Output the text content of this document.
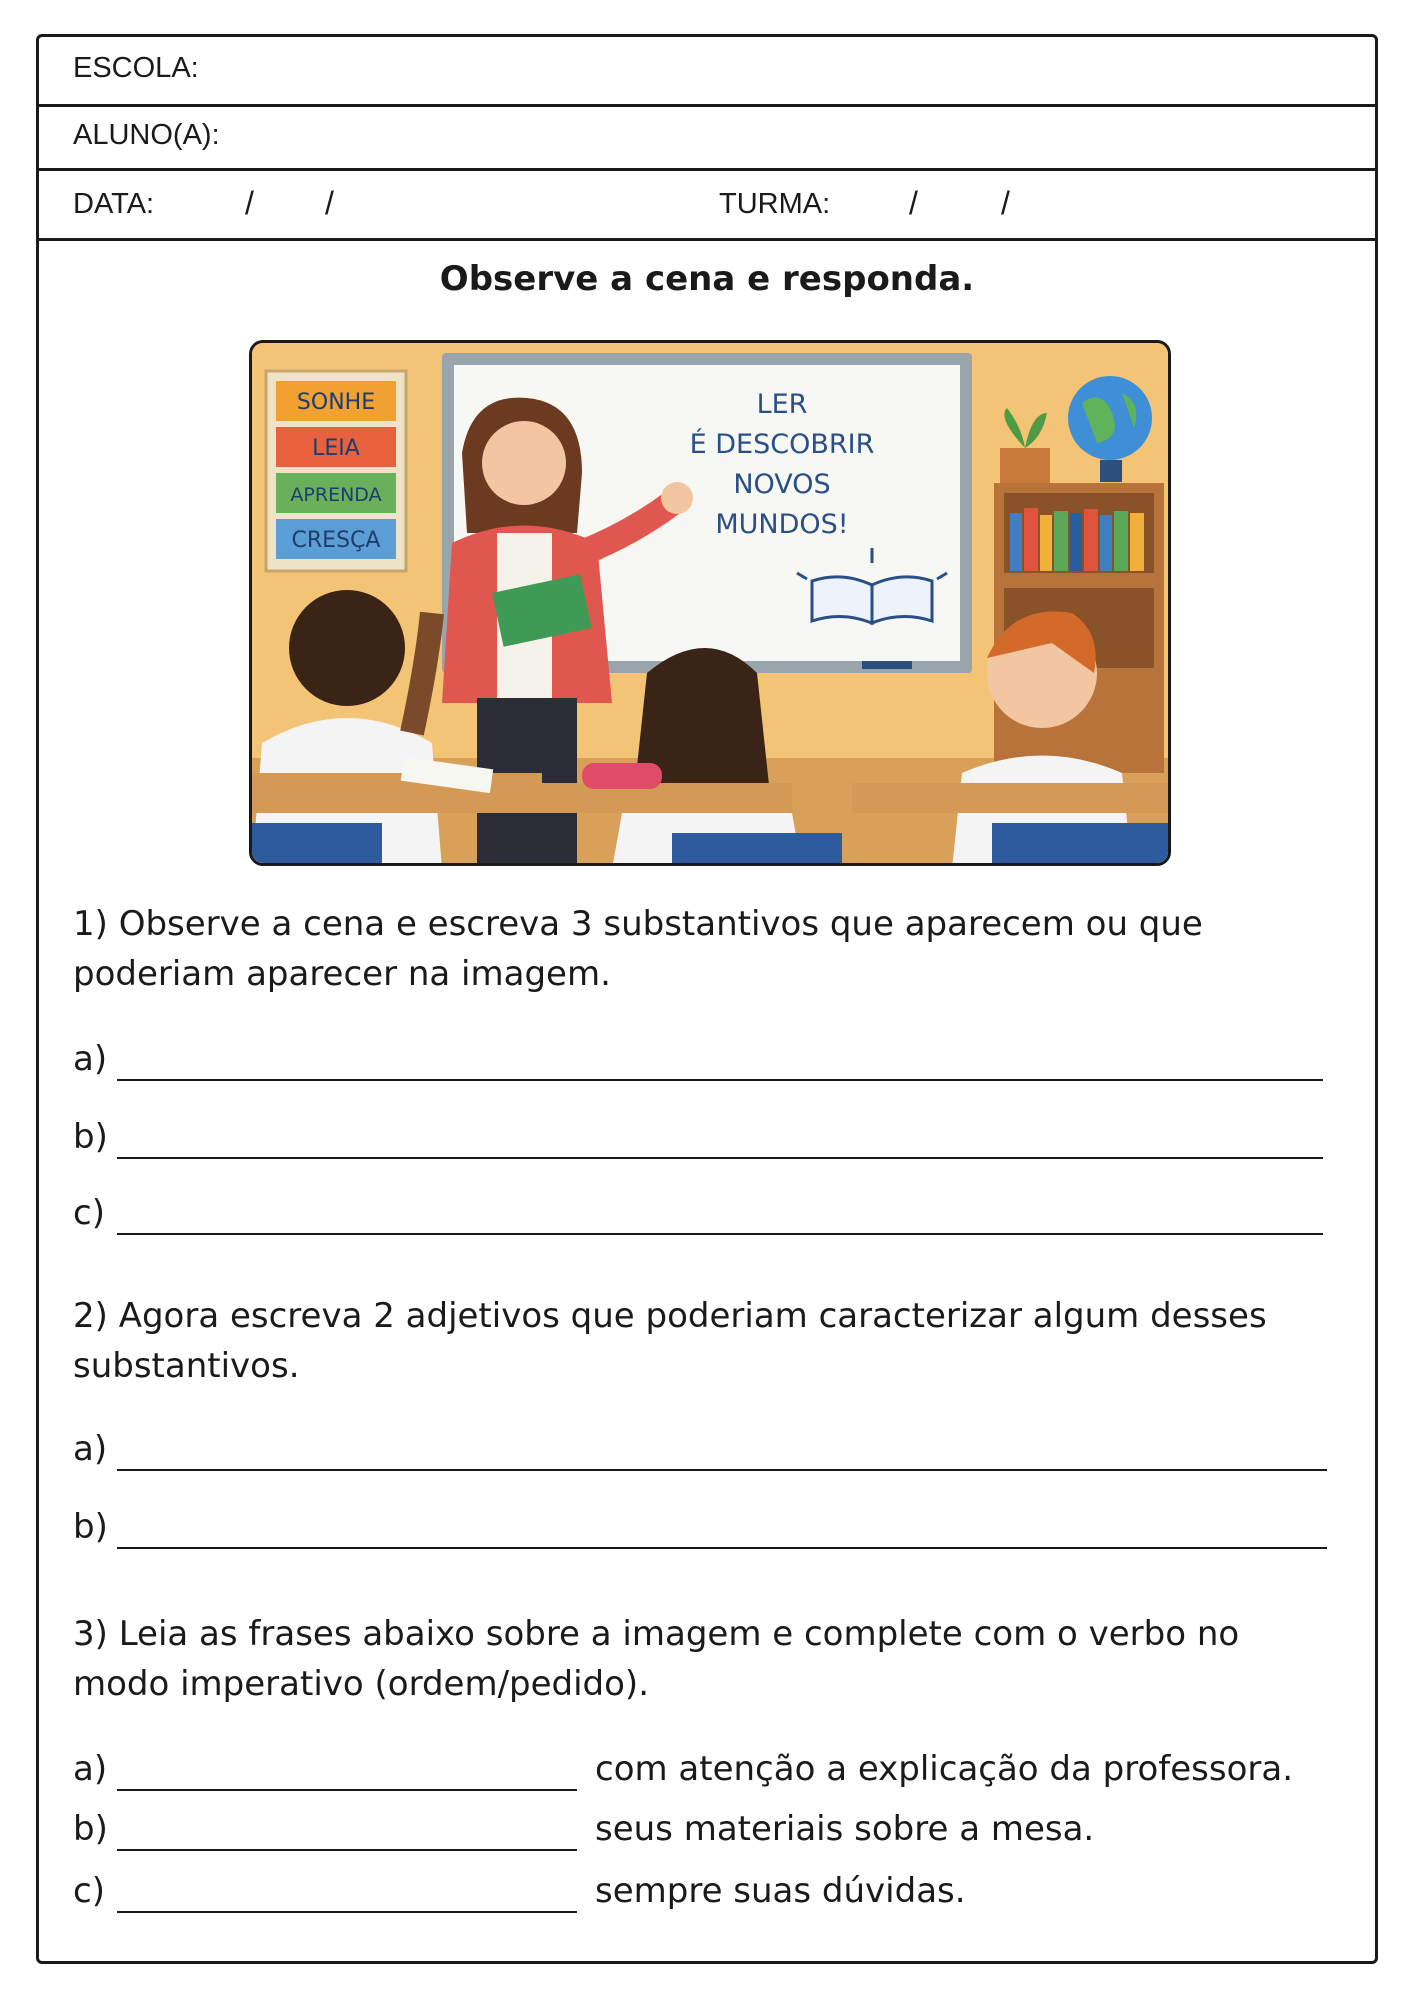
ESCOLA:
ALUNO(A):
DATA:	/ /	TURMA: /	/
Observe a cena e responda.
LER
É DESCOBRIR
NOVOS
MUNDOS!
SONHE
LEIA
APRENDA
CRESÇA
1) Observe a cena e escreva 3 substantivos que aparecem ou que poderiam aparecer na imagem.
a)
b)
c)
2) Agora escreva 2 adjetivos que poderiam caracterizar algum desses substantivos.
a)
b)
3) Leia as frases abaixo sobre a imagem e complete com o verbo no modo imperativo (ordem/pedido).
a)	com atenção a explicação da professora.
b)	seus materiais sobre a mesa.
c)	sempre suas dúvidas.
